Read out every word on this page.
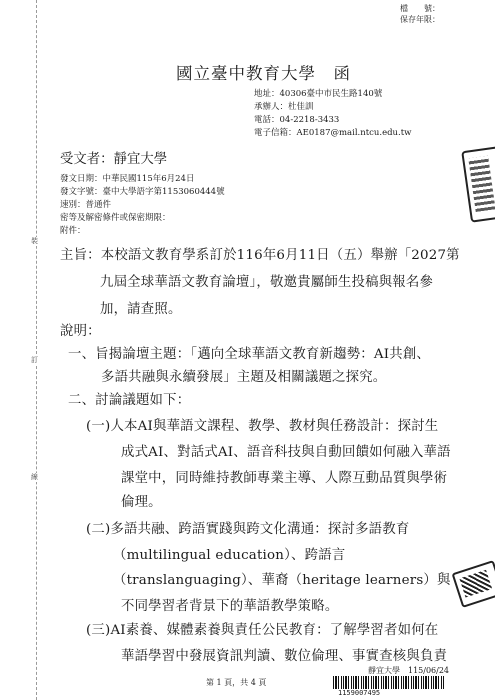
裝
訂
線
檔　　號：
保存年限：
國立臺中教育大學　函
地址：40306臺中市民生路140號
承辦人：杜佳訓
電話：04-2218-3433
電子信箱：AE0187@mail.ntcu.edu.tw
受文者：靜宜大學
發文日期：中華民國115年6月24日
發文字號：臺中大學語字第1153060444號
速別：普通件
密等及解密條件或保密期限：
附件：
主旨：本校語文教育學系訂於116年6月11日（五）舉辦「2027第
九屆全球華語文教育論壇」，敬邀貴屬師生投稿與報名參
加，請查照。
說明：
一、旨揭論壇主題：「邁向全球華語文教育新趨勢：AI共創、
多語共融與永續發展」主題及相關議題之探究。
二、討論議題如下：
(一)人本AI與華語文課程、教學、教材與任務設計：探討生
成式AI、對話式AI、語音科技與自動回饋如何融入華語
課堂中，同時維持教師專業主導、人際互動品質與學術
倫理。
(二)多語共融、跨語實踐與跨文化溝通：探討多語教育
（multilingual education）、跨語言
（translanguaging）、華裔（heritage learners）與
不同學習者背景下的華語教學策略。
(三)AI素養、媒體素養與責任公民教育：了解學習者如何在
華語學習中發展資訊判讀、數位倫理、事實查核與負責
第 1 頁，共 4 頁
靜宜大學　115/06/24
1159007495
